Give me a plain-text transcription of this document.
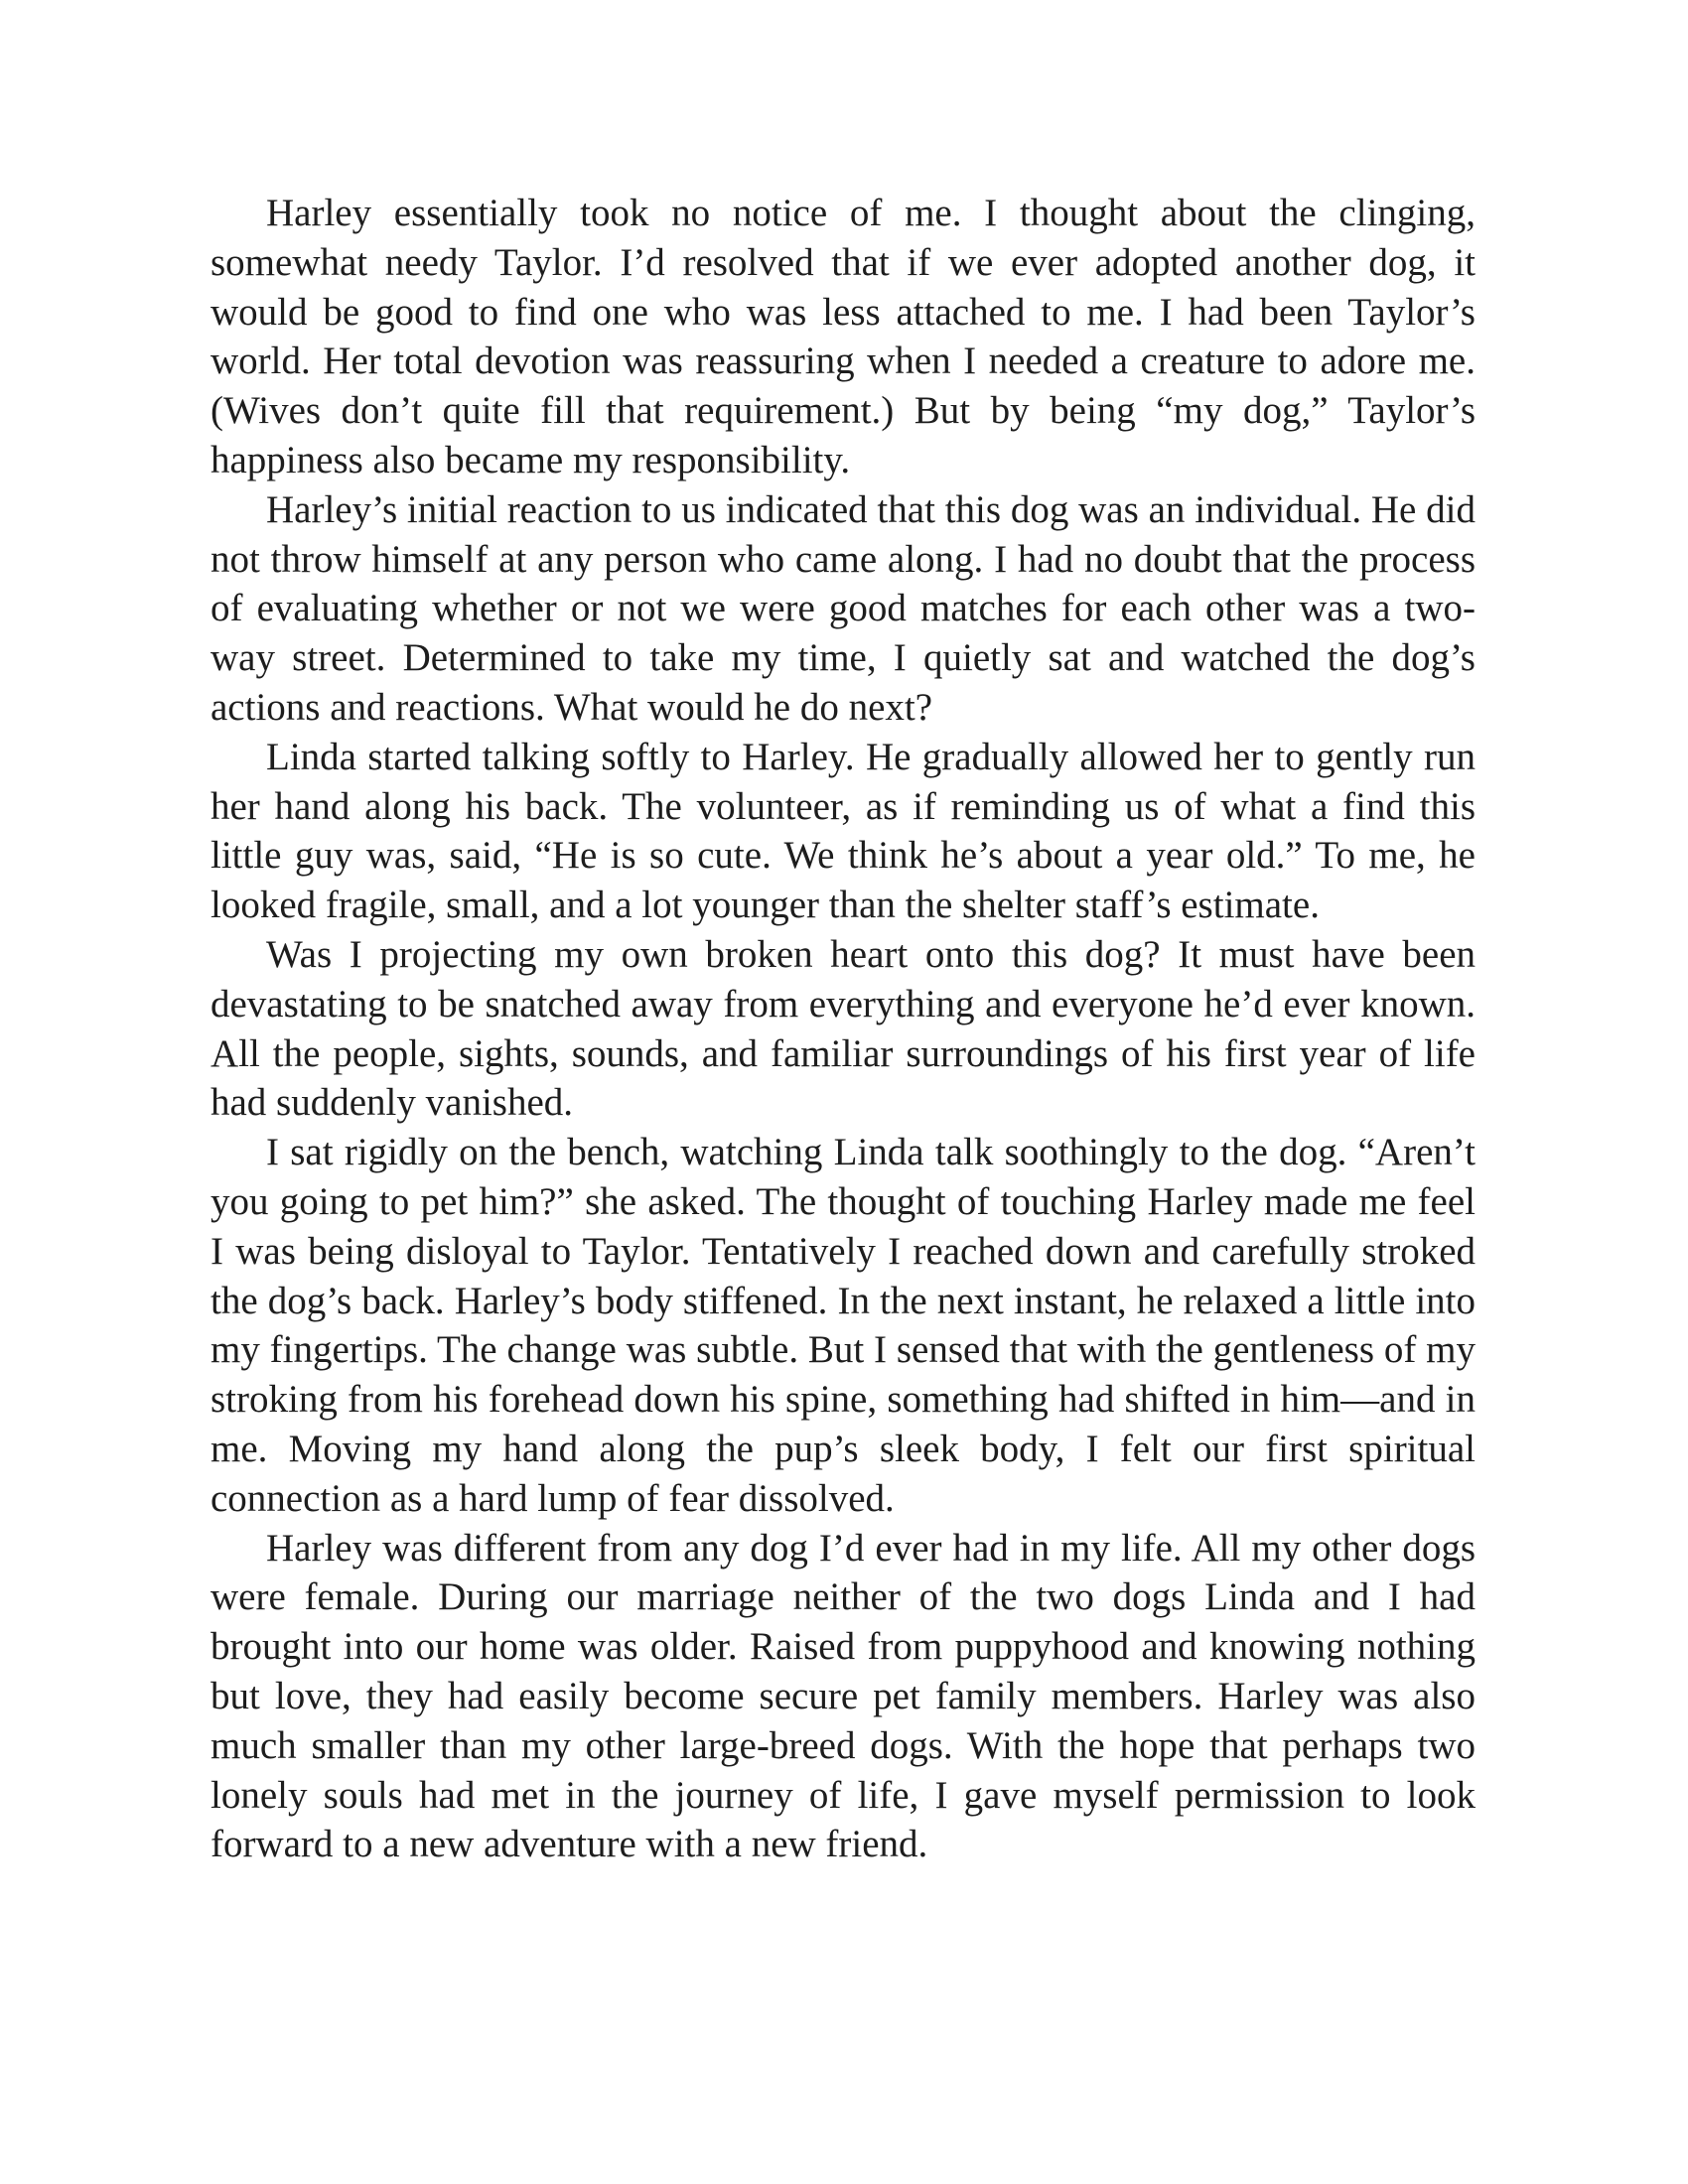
Harley essentially took no notice of me. I thought about the clinging, somewhat needy Taylor. I’d resolved that if we ever adopted another dog, it would be good to find one who was less attached to me. I had been Taylor’s world. Her total devotion was reassuring when I needed a creature to adore me. (Wives don’t quite fill that requirement.) But by being “my dog,” Taylor’s happiness also became my responsibility.

Harley’s initial reaction to us indicated that this dog was an individual. He did not throw himself at any person who came along. I had no doubt that the process of evaluating whether or not we were good matches for each other was a two-way street. Determined to take my time, I quietly sat and watched the dog’s actions and reactions. What would he do next?

Linda started talking softly to Harley. He gradually allowed her to gently run her hand along his back. The volunteer, as if reminding us of what a find this little guy was, said, “He is so cute. We think he’s about a year old.” To me, he looked fragile, small, and a lot younger than the shelter staff’s estimate.

Was I projecting my own broken heart onto this dog? It must have been devastating to be snatched away from everything and everyone he’d ever known. All the people, sights, sounds, and familiar surroundings of his first year of life had suddenly vanished.

I sat rigidly on the bench, watching Linda talk soothingly to the dog. “Aren’t you going to pet him?” she asked. The thought of touching Harley made me feel I was being disloyal to Taylor. Tentatively I reached down and carefully stroked the dog’s back. Harley’s body stiffened. In the next instant, he relaxed a little into my fingertips. The change was subtle. But I sensed that with the gentleness of my stroking from his forehead down his spine, something had shifted in him—and in me. Moving my hand along the pup’s sleek body, I felt our first spiritual connection as a hard lump of fear dissolved.

Harley was different from any dog I’d ever had in my life. All my other dogs were female. During our marriage neither of the two dogs Linda and I had brought into our home was older. Raised from puppyhood and knowing nothing but love, they had easily become secure pet family members. Harley was also much smaller than my other large-breed dogs. With the hope that perhaps two lonely souls had met in the journey of life, I gave myself permission to look forward to a new adventure with a new friend.
